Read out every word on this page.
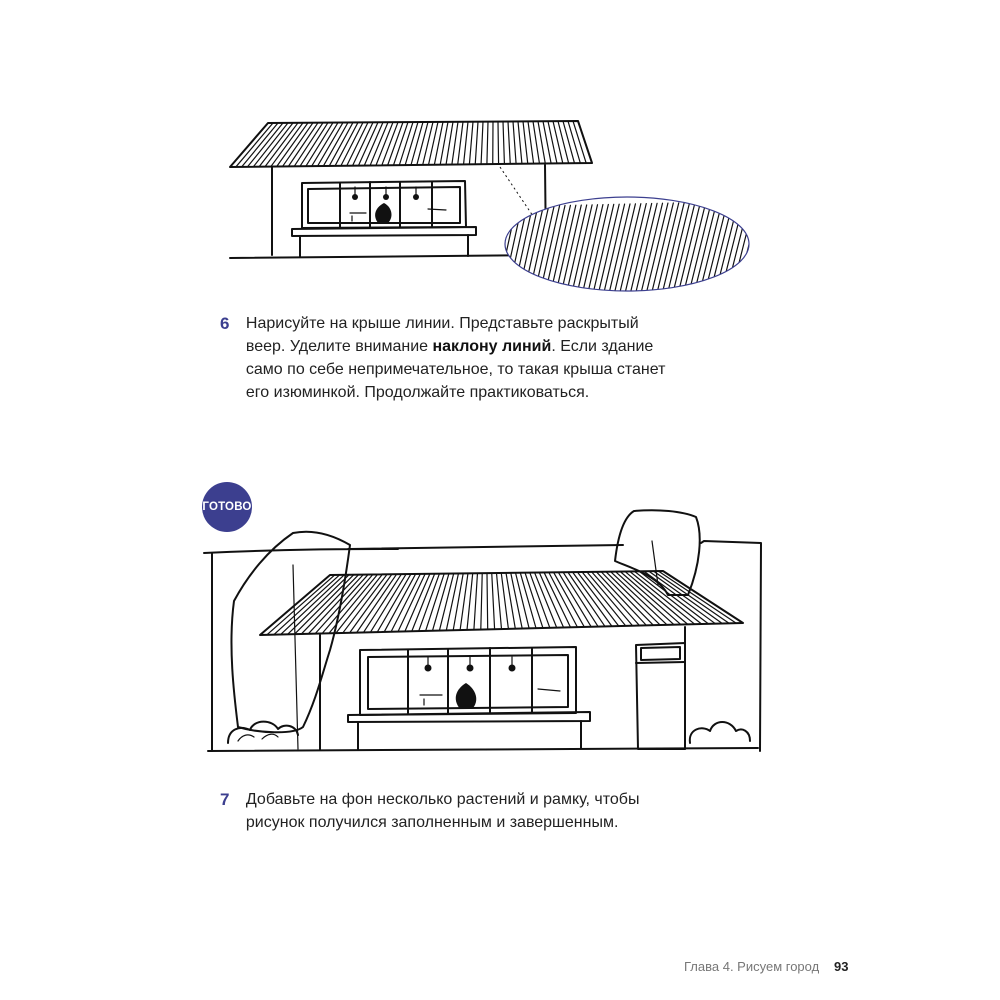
6	Нарисуйте на крыше линии. Представьте раскрытый веер. Уделите внимание наклону линий. Если здание само по себе непримечательное, то такая крыша станет его изюминкой. Продолжайте практиковаться.
ГОТОВО
7	Добавьте на фон несколько растений и рамку, чтобы рисунок получился заполненным и завершенным.
Глава 4. Рисуем город 93
